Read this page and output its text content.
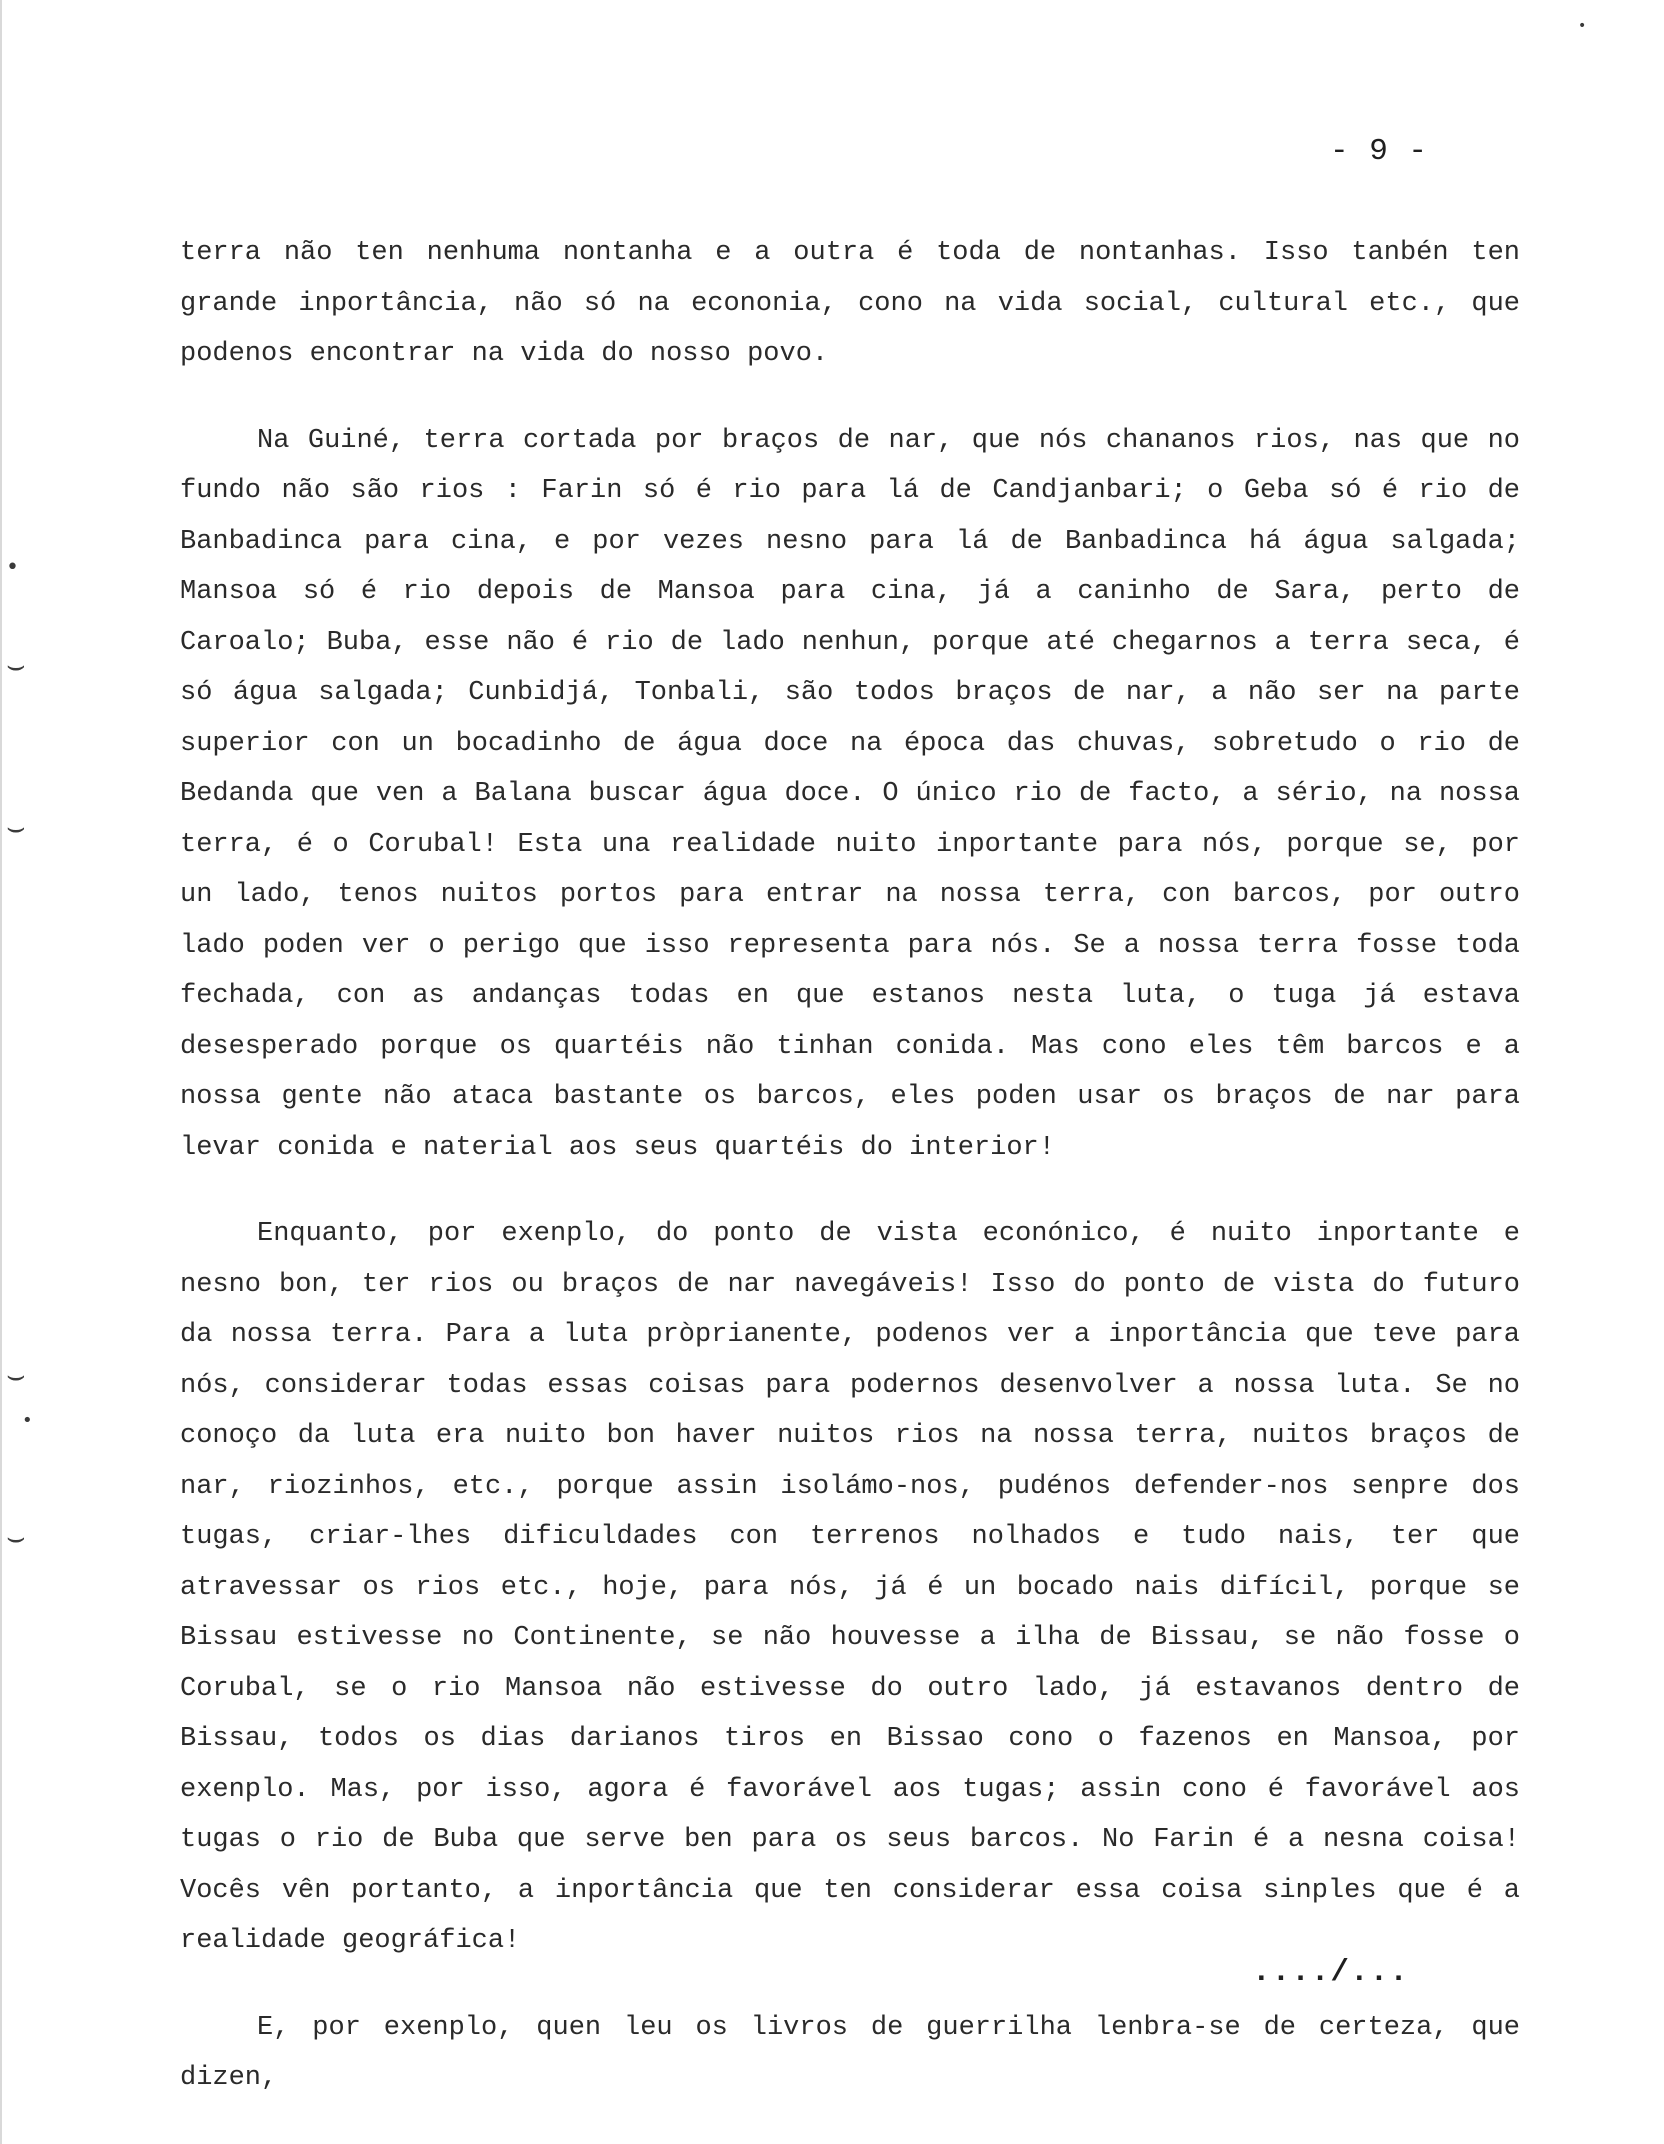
- 9 -

terra não ten nenhuma nontanha e a outra é toda de nontanhas. Isso tanbén ten grande inportância, não só na econonia, cono na vida social, cultural etc., que podenos encontrar na vida do nosso povo.

Na Guiné, terra cortada por braços de nar, que nós chananos rios, nas que no fundo não são rios : Farin só é rio para lá de Candjanbari; o Geba só é rio de Banbadinca para cina, e por vezes nesno para lá de Banbadinca há água salgada; Mansoa só é rio depois de Mansoa para cina, já a caninho de Sara, perto de Caroalo; Buba, esse não é rio de lado nenhun, porque até chegarnos a terra seca, é só água salgada; Cunbidjá, Tonbali, são todos braços de nar, a não ser na parte superior con un bocadinho de água doce na época das chuvas, sobretudo o rio de Bedanda que ven a Balana buscar água doce. O único rio de facto, a sério, na nossa terra, é o Corubal! Esta una realidade nuito inportante para nós, porque se, por un lado, tenos nuitos portos para entrar na nossa terra, con barcos, por outro lado poden ver o perigo que isso representa para nós. Se a nossa terra fosse toda fechada, con as andanças todas en que estanos nesta luta, o tuga já estava desesperado porque os quartéis não tinhan conida. Mas cono eles têm barcos e a nossa gente não ataca bastante os barcos, eles poden usar os braços de nar para levar conida e naterial aos seus quartéis do interior!

Enquanto, por exenplo, do ponto de vista econónico, é nuito inportante e nesno bon, ter rios ou braços de nar navegáveis! Isso do ponto de vista do futuro da nossa terra. Para a luta pròprianente, podenos ver a inportância que teve para nós, considerar todas essas coisas para podernos desenvolver a nossa luta. Se no conoço da luta era nuito bon haver nuitos rios na nossa terra, nuitos braços de nar, riozinhos, etc., porque assin isolámo-nos, pudénos defender-nos senpre dos tugas, criar-lhes dificuldades con terrenos nolhados e tudo nais, ter que atravessar os rios etc., hoje, para nós, já é un bocado nais difícil, porque se Bissau estivesse no Continente, se não houvesse a ilha de Bissau, se não fosse o Corubal, se o rio Mansoa não estivesse do outro lado, já estavanos dentro de Bissau, todos os dias darianos tiros en Bissao cono o fazenos en Mansoa, por exenplo. Mas, por isso, agora é favorável aos tugas; assin cono é favorável aos tugas o rio de Buba que serve ben para os seus barcos. No Farin é a nesna coisa! Vocês vên portanto, a inportância que ten considerar essa coisa sinples que é a realidade geográfica!

E, por exenplo, quen leu os livros de guerrilha lenbra-se de certeza, que dizen,

..../...
•
⌣
⌣
⌣
•
⌣
•
